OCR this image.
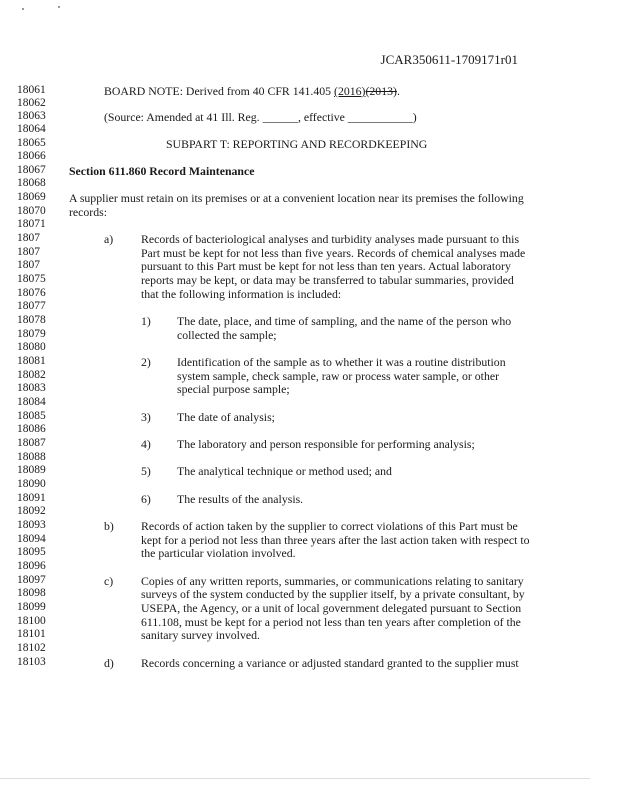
JCAR350611-1709171r01
18061
18062
18063
18064
18065
18066
18067
18068
18069
18070
18071
1807
1807
1807
18075
18076
18077
18078
18079
18080
18081
18082
18083
18084
18085
18086
18087
18088
18089
18090
18091
18092
18093
18094
18095
18096
18097
18098
18099
18100
18101
18102
18103
BOARD NOTE: Derived from 40 CFR 141.405 (2016)(2013).
(Source: Amended at 41 Ill. Reg. ______, effective ___________)
SUBPART T: REPORTING AND RECORDKEEPING
Section 611.860 Record Maintenance
A supplier must retain on its premises or at a convenient location near its premises the following
records:
a) Records of bacteriological analyses and turbidity analyses made pursuant to this
Part must be kept for not less than five years. Records of chemical analyses made
pursuant to this Part must be kept for not less than ten years. Actual laboratory
reports may be kept, or data may be transferred to tabular summaries, provided
that the following information is included:
1) The date, place, and time of sampling, and the name of the person who
collected the sample;
2) Identification of the sample as to whether it was a routine distribution
system sample, check sample, raw or process water sample, or other
special purpose sample;
3) The date of analysis;
4) The laboratory and person responsible for performing analysis;
5) The analytical technique or method used; and
6) The results of the analysis.
b) Records of action taken by the supplier to correct violations of this Part must be
kept for a period not less than three years after the last action taken with respect to
the particular violation involved.
c) Copies of any written reports, summaries, or communications relating to sanitary
surveys of the system conducted by the supplier itself, by a private consultant, by
USEPA, the Agency, or a unit of local government delegated pursuant to Section
611.108, must be kept for a period not less than ten years after completion of the
sanitary survey involved.
d) Records concerning a variance or adjusted standard granted to the supplier must
